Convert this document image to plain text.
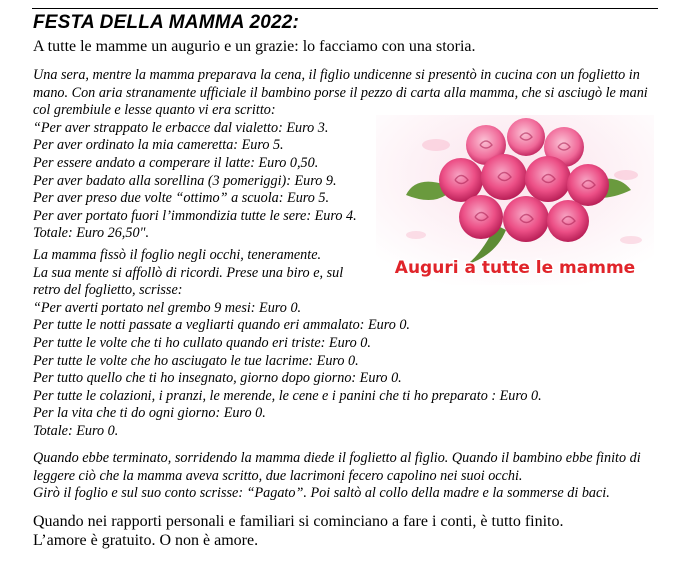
FESTA DELLA MAMMA 2022:
A tutte le mamme un augurio e un grazie: lo facciamo con una storia.
Una sera, mentre la mamma preparava la cena, il figlio undicenne si presentò in cucina con un foglietto in
mano. Con aria stranamente ufficiale il bambino porse il pezzo di carta alla mamma, che si asciugò le mani
col grembiule e lesse quanto vi era scritto:
“Per aver strappato le erbacce dal vialetto: Euro 3.
Per aver ordinato la mia cameretta: Euro 5.
Per essere andato a comperare il latte: Euro 0,50.
Per aver badato alla sorellina (3 pomeriggi): Euro 9.
Per aver preso due volte “ottimo” a scuola: Euro 5.
Per aver portato fuori l’immondizia tutte le sere: Euro 4.
Totale: Euro 26,50".
Auguri a tutte le mamme
La mamma fissò il foglio negli occhi, teneramente.
La sua mente si affollò di ricordi. Prese una biro e, sul
retro del foglietto, scrisse:
“Per averti portato nel grembo 9 mesi: Euro 0.
Per tutte le notti passate a vegliarti quando eri ammalato: Euro 0.
Per tutte le volte che ti ho cullato quando eri triste: Euro 0.
Per tutte le volte che ho asciugato le tue lacrime: Euro 0.
Per tutto quello che ti ho insegnato, giorno dopo giorno: Euro 0.
Per tutte le colazioni, i pranzi, le merende, le cene e i panini che ti ho preparato : Euro 0.
Per la vita che ti do ogni giorno: Euro 0.
Totale: Euro 0.
Quando ebbe terminato, sorridendo la mamma diede il foglietto al figlio. Quando il bambino ebbe finito di
leggere ciò che la mamma aveva scritto, due lacrimoni fecero capolino nei suoi occhi.
Girò il foglio e sul suo conto scrisse: “Pagato”. Poi saltò al collo della madre e la sommerse di baci.
Quando nei rapporti personali e familiari si cominciano a fare i conti, è tutto finito.
L’amore è gratuito. O non è amore.
